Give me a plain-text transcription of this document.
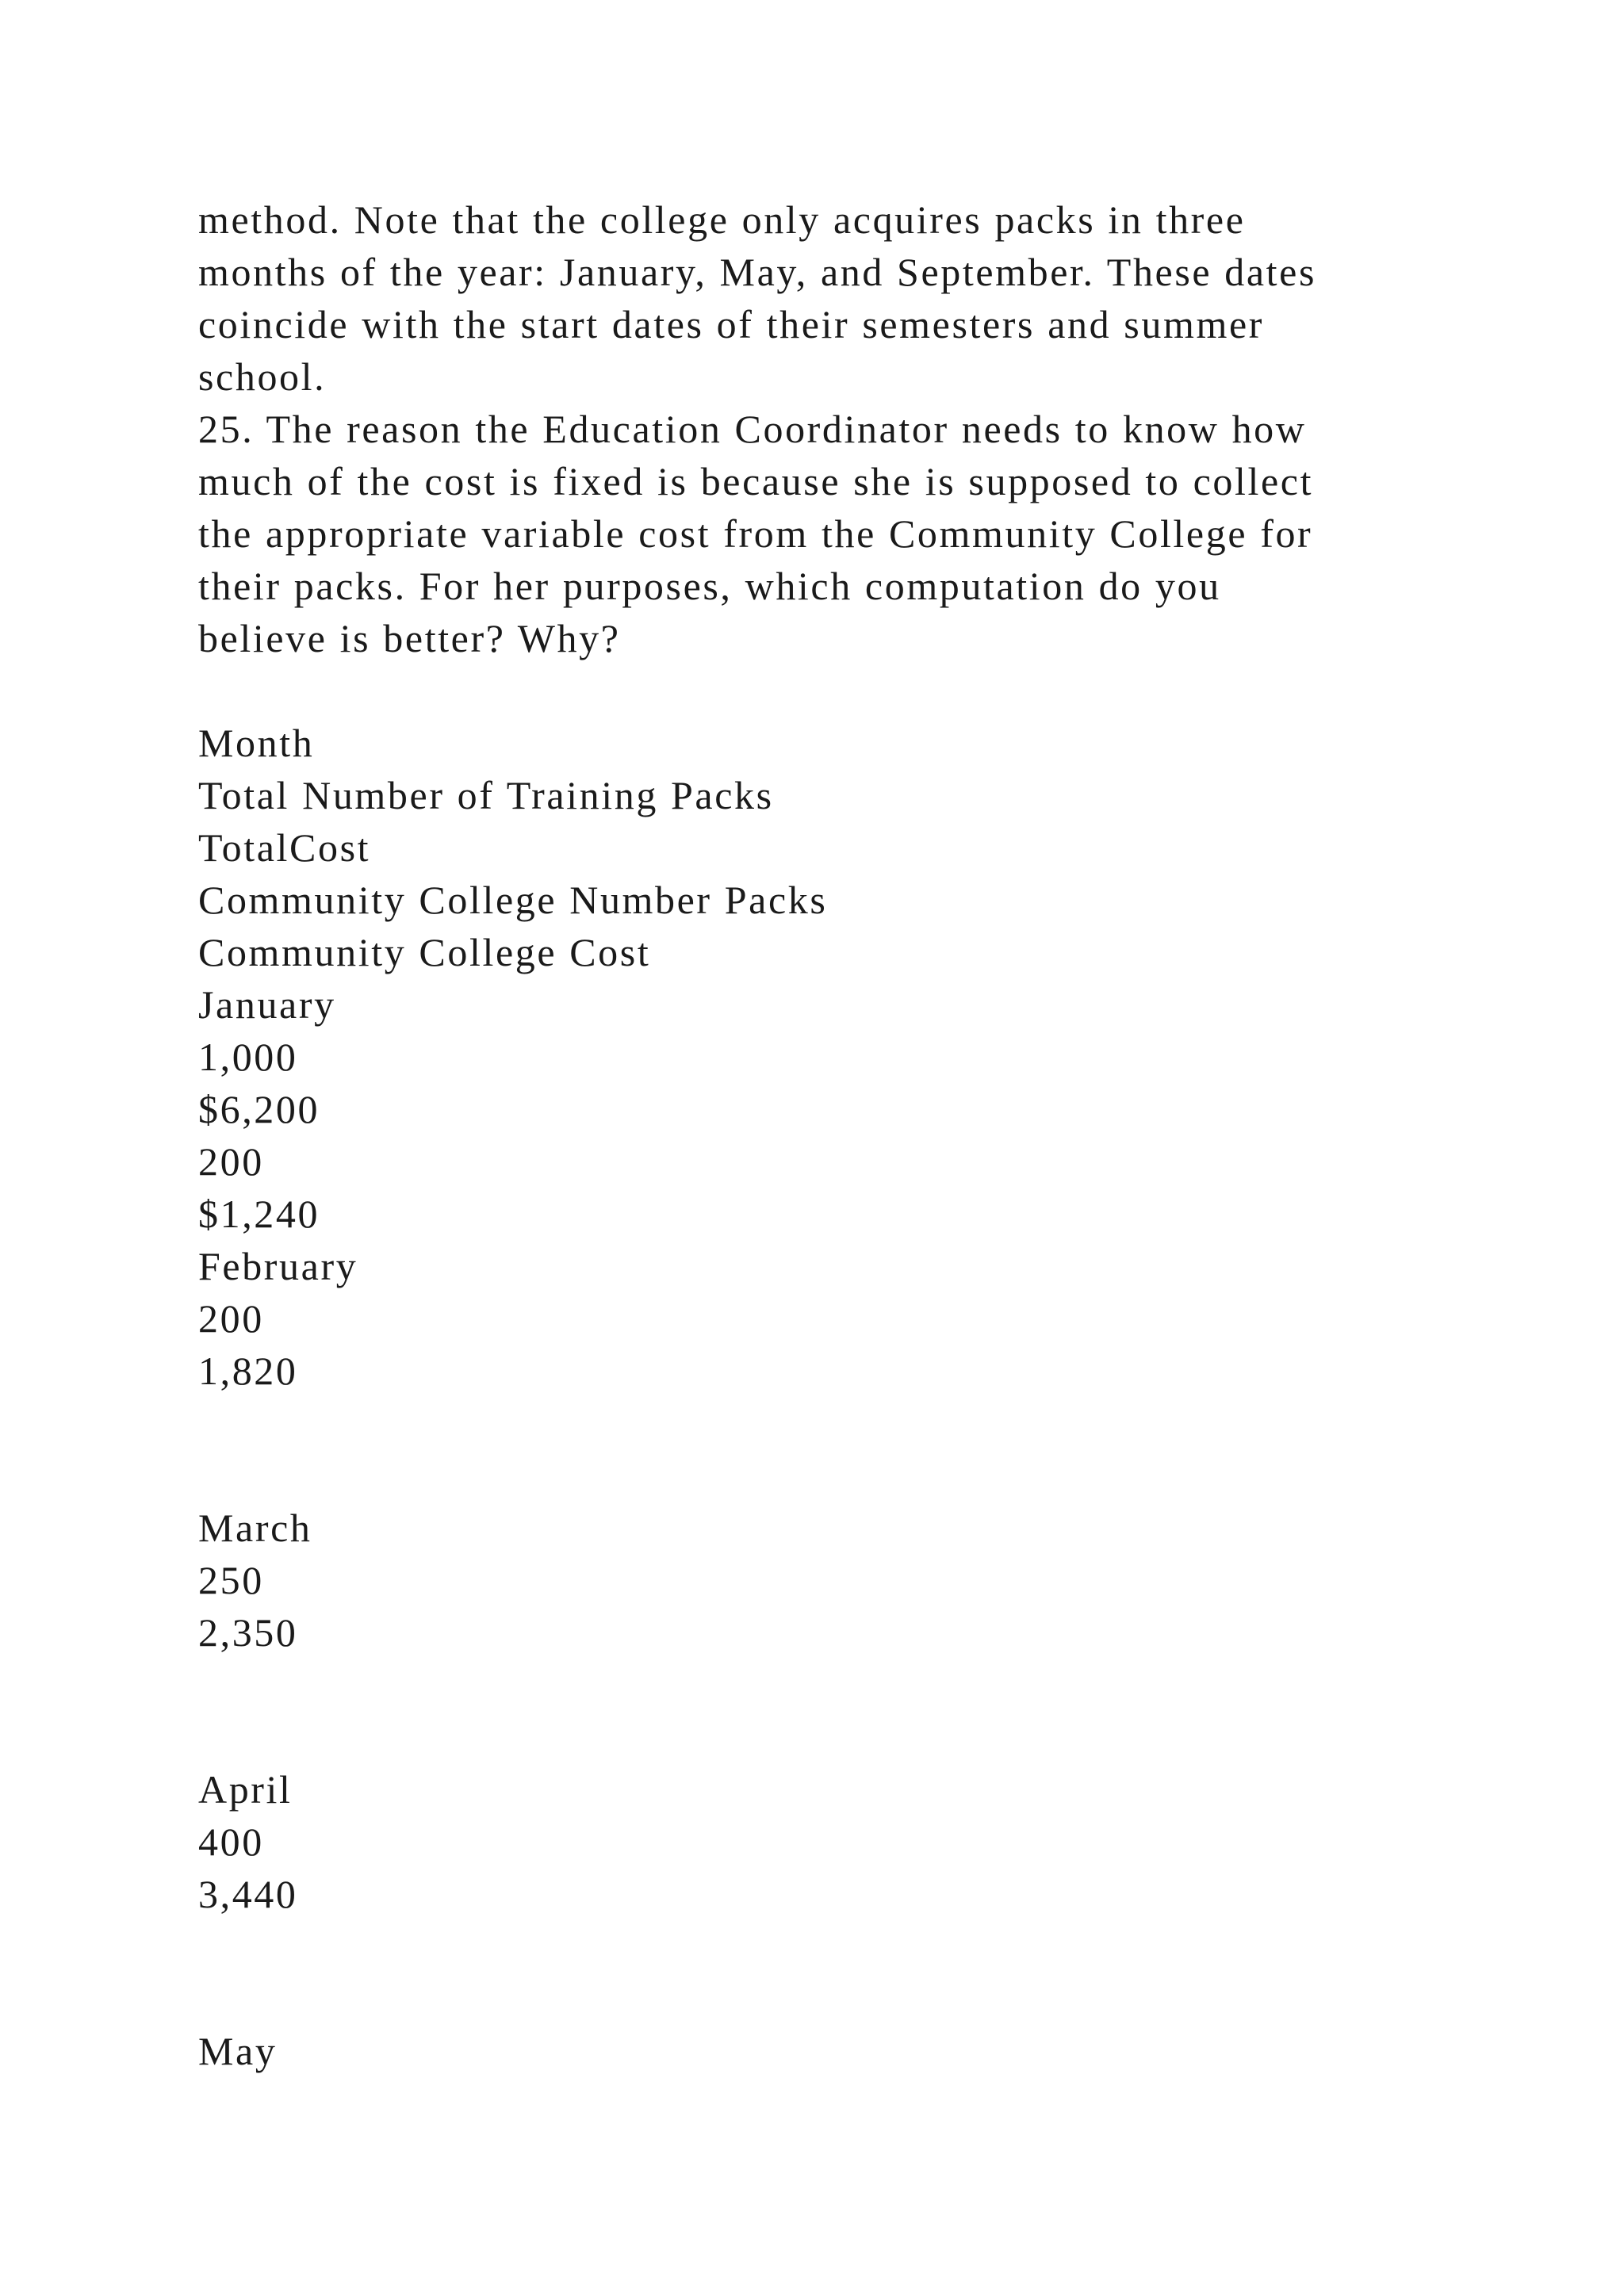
method. Note that the college only acquires packs in three
months of the year: January, May, and September. These dates
coincide with the start dates of their semesters and summer
school.
25. The reason the Education Coordinator needs to know how
much of the cost is fixed is because she is supposed to collect
the appropriate variable cost from the Community College for
their packs. For her purposes, which computation do you
believe is better? Why?
Month
Total Number of Training Packs
TotalCost
Community College Number Packs
Community College Cost
January
1,000
$6,200
200
$1,240
February
200
1,820
March
250
2,350
April
400
3,440
May
